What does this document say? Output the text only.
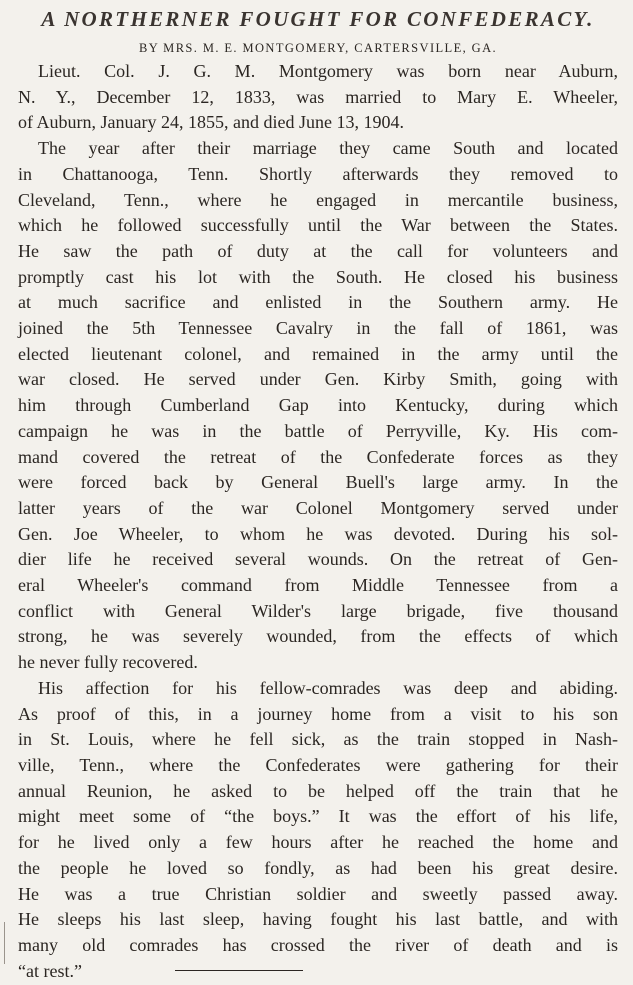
A NORTHERNER FOUGHT FOR CONFEDERACY.
BY MRS. M. E. MONTGOMERY, CARTERSVILLE, GA.

Lieut. Col. J. G. M. Montgomery was born near Auburn,
N. Y., December 12, 1833, was married to Mary E. Wheeler,
of Auburn, January 24, 1855, and died June 13, 1904.

The year after their marriage they came South and located
in Chattanooga, Tenn. Shortly afterwards they removed to
Cleveland, Tenn., where he engaged in mercantile business,
which he followed successfully until the War between the States.
He saw the path of duty at the call for volunteers and
promptly cast his lot with the South. He closed his business
at much sacrifice and enlisted in the Southern army. He
joined the 5th Tennessee Cavalry in the fall of 1861, was
elected lieutenant colonel, and remained in the army until the
war closed. He served under Gen. Kirby Smith, going with
him through Cumberland Gap into Kentucky, during which
campaign he was in the battle of Perryville, Ky. His com-
mand covered the retreat of the Confederate forces as they
were forced back by General Buell's large army. In the
latter years of the war Colonel Montgomery served under
Gen. Joe Wheeler, to whom he was devoted. During his sol-
dier life he received several wounds. On the retreat of Gen-
eral Wheeler's command from Middle Tennessee from a
conflict with General Wilder's large brigade, five thousand
strong, he was severely wounded, from the effects of which
he never fully recovered.

His affection for his fellow-comrades was deep and abiding.
As proof of this, in a journey home from a visit to his son
in St. Louis, where he fell sick, as the train stopped in Nash-
ville, Tenn., where the Confederates were gathering for their
annual Reunion, he asked to be helped off the train that he
might meet some of “the boys.” It was the effort of his life,
for he lived only a few hours after he reached the home and
the people he loved so fondly, as had been his great desire.
He was a true Christian soldier and sweetly passed away.
He sleeps his last sleep, having fought his last battle, and with
many old comrades has crossed the river of death and is
“at rest.”
